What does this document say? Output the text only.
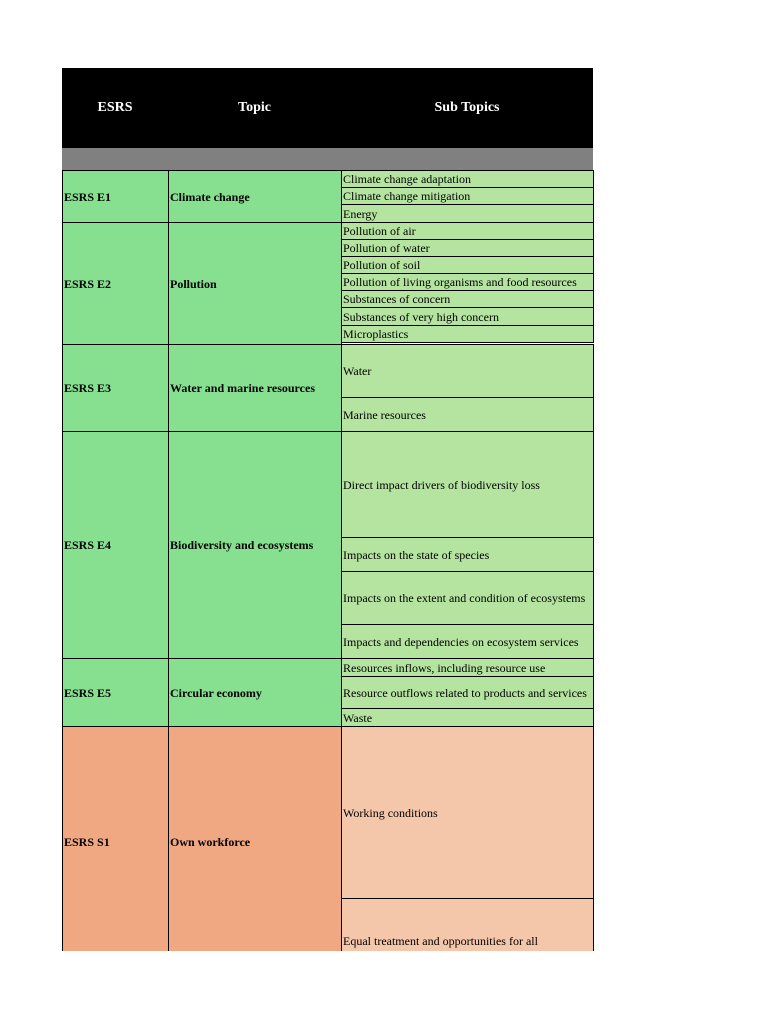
ESRS	Topic	Sub Topics
ESRS E1	Climate change
Climate change adaptation
Climate change mitigation
Energy
ESRS E2	Pollution
Pollution of air
Pollution of water
Pollution of soil
Pollution of living organisms and food resources
Substances of concern
Substances of very high concern
Microplastics
ESRS E3	Water and marine resources
Water
Marine resources
ESRS E4	Biodiversity and ecosystems
Direct impact drivers of biodiversity loss
Impacts on the state of species
Impacts on the extent and condition of ecosystems
Impacts and dependencies on ecosystem services
ESRS E5	Circular economy
Resources inflows, including resource use
Resource outflows related to products and services
Waste
ESRS S1	Own workforce
Working conditions
Equal treatment and opportunities for all
